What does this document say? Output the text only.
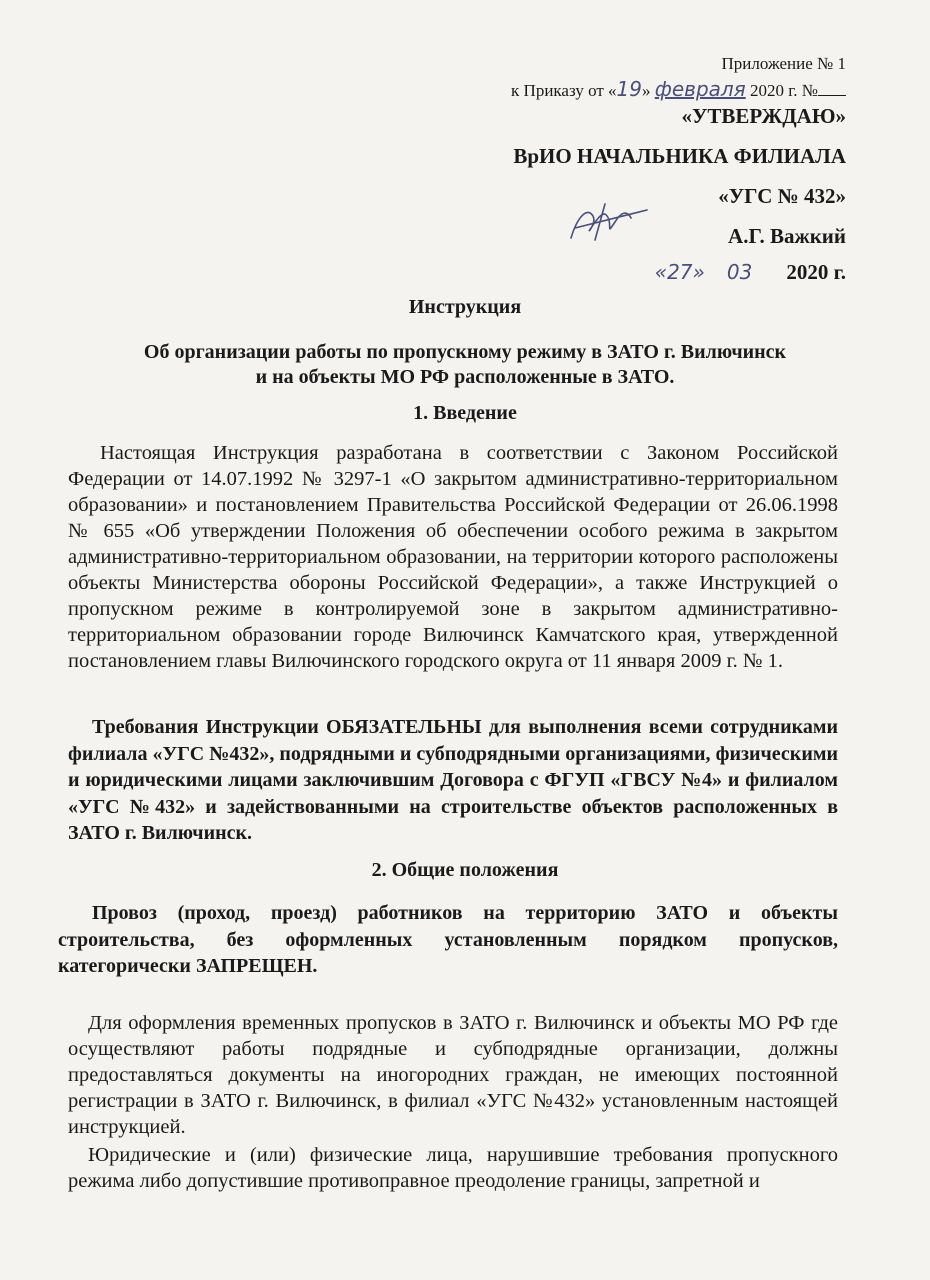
Приложение № 1
к Приказу от «19» февраля 2020 г. №
«УТВЕРЖДАЮ»
ВрИО НАЧАЛЬНИКА ФИЛИАЛА
«УГС № 432»
А.Г. Важкий
«27» 03 2020 г.
Инструкция
Об организации работы по пропускному режиму в ЗАТО г. Вилючинск
и на объекты МО РФ расположенные в ЗАТО.
1. Введение
Настоящая Инструкция разработана в соответствии с Законом Российской Федерации от 14.07.1992 № 3297-1 «О закрытом административно-территориальном образовании» и постановлением Правительства Российской Федерации от 26.06.1998 № 655 «Об утверждении Положения об обеспечении особого режима в закрытом административно-территориальном образовании, на территории которого расположены объекты Министерства обороны Российской Федерации», а также Инструкцией о пропускном режиме в контролируемой зоне в закрытом административно-территориальном образовании городе Вилючинск Камчатского края, утвержденной постановлением главы Вилючинского городского округа от 11 января 2009 г. № 1.
Требования Инструкции ОБЯЗАТЕЛЬНЫ для выполнения всеми сотрудниками филиала «УГС №432», подрядными и субподрядными организациями, физическими и юридическими лицами заключившим Договора с ФГУП «ГВСУ №4» и филиалом «УГС №432» и задействованными на строительстве объектов расположенных в ЗАТО г. Вилючинск.
2. Общие положения
Провоз (проход, проезд) работников на территорию ЗАТО и объекты строительства, без оформленных установленным порядком пропусков, категорически ЗАПРЕЩЕН.
Для оформления временных пропусков в ЗАТО г. Вилючинск и объекты МО РФ где осуществляют работы подрядные и субподрядные организации, должны предоставляться документы на иногородних граждан, не имеющих постоянной регистрации в ЗАТО г. Вилючинск, в филиал «УГС №432» установленным настоящей инструкцией.
Юридические и (или) физические лица, нарушившие требования пропускного режима либо допустившие противоправное преодоление границы, запретной и
